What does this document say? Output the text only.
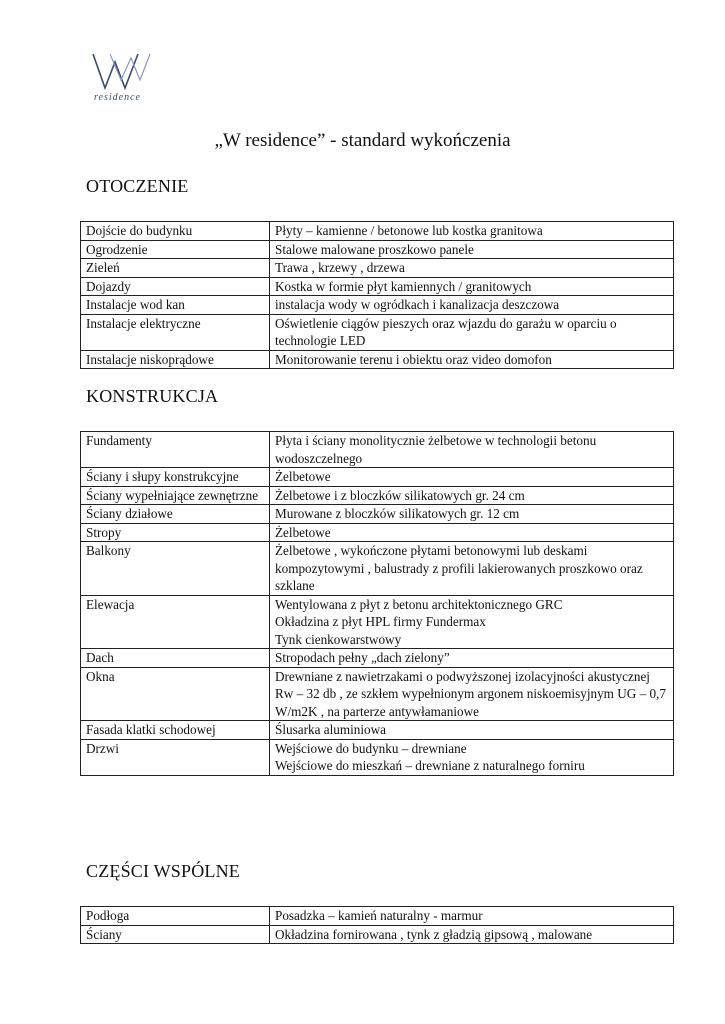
residence
„W residence” - standard wykończenia
OTOCZENIE
Dojście do budynku	Płyty – kamienne / betonowe lub kostka granitowa
Ogrodzenie	Stalowe malowane proszkowo panele
Zieleń	Trawa , krzewy , drzewa
Dojazdy	Kostka w formie płyt kamiennych / granitowych
Instalacje wod kan	instalacja wody w ogródkach i kanalizacja deszczowa
Instalacje elektryczne	Oświetlenie ciągów pieszych oraz wjazdu do garażu w oparciu o technologie LED
Instalacje niskoprądowe	Monitorowanie terenu i obiektu oraz video domofon
KONSTRUKCJA
Fundamenty	Płyta i ściany monolitycznie żelbetowe w technologii betonu wodoszczelnego
Ściany i słupy konstrukcyjne	Żelbetowe
Ściany wypełniające zewnętrzne	Żelbetowe i z bloczków silikatowych gr. 24 cm
Ściany działowe	Murowane z bloczków silikatowych gr. 12 cm
Stropy	Żelbetowe
Balkony	Żelbetowe , wykończone płytami betonowymi lub deskami kompozytowymi , balustrady z profili lakierowanych proszkowo oraz szklane
Elewacja	Wentylowana z płyt z betonu architektonicznego GRC
Okładzina z płyt HPL firmy Fundermax
Tynk cienkowarstwowy
Dach	Stropodach pełny „dach zielony”
Okna	Drewniane z nawietrzakami o podwyższonej izolacyjności akustycznej Rw – 32 db , ze szkłem wypełnionym argonem niskoemisyjnym UG – 0,7 W/m2K , na parterze antywłamaniowe
Fasada klatki schodowej	Ślusarka aluminiowa
Drzwi	Wejściowe do budynku – drewniane
Wejściowe do mieszkań – drewniane z naturalnego forniru
CZĘŚCI WSPÓLNE
Podłoga	Posadzka – kamień naturalny - marmur
Ściany	Okładzina fornirowana , tynk z gładzią gipsową , malowane
